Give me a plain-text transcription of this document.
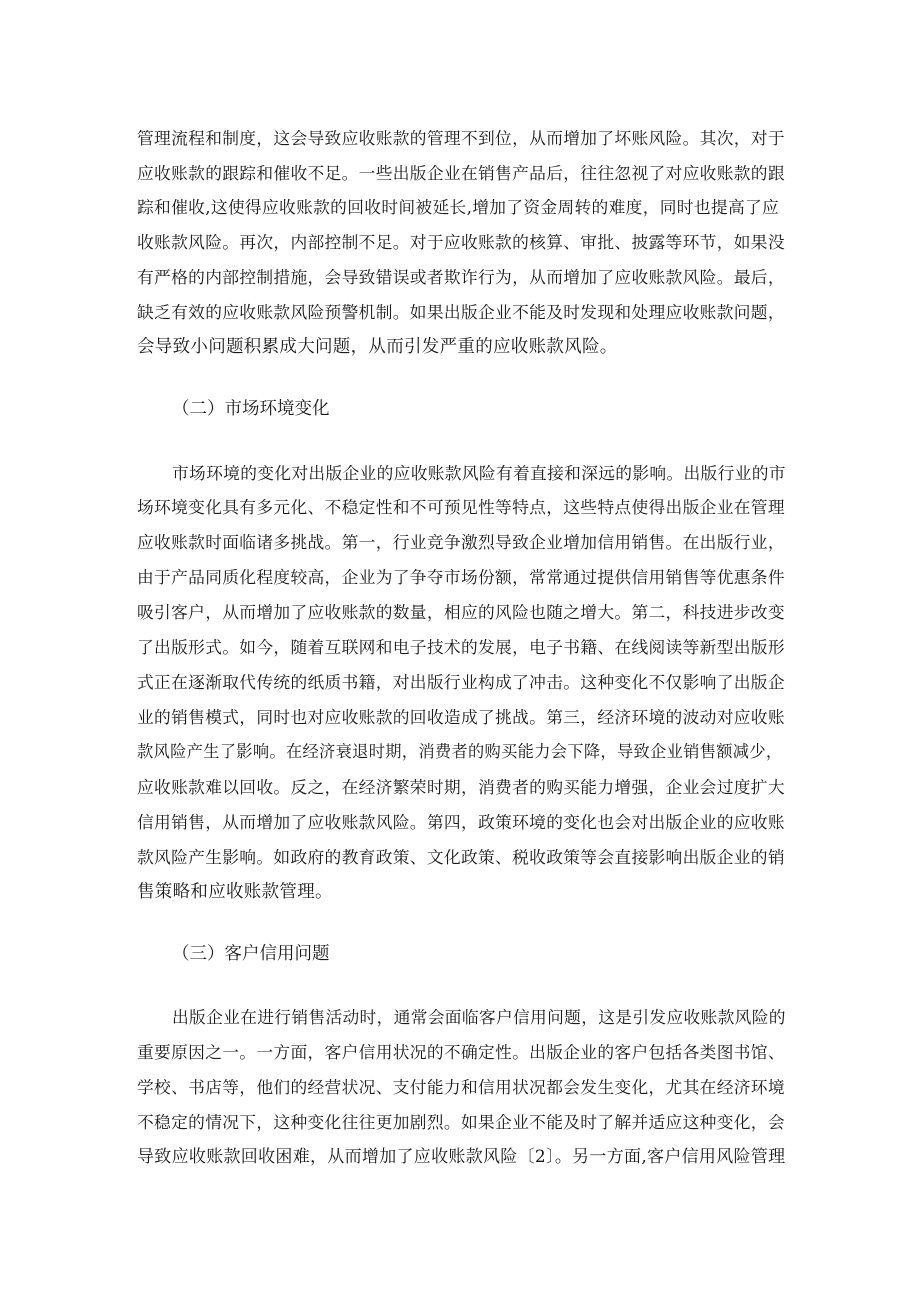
管理流程和制度，这会导致应收账款的管理不到位，从而增加了坏账风险。其次，对于
应收账款的跟踪和催收不足。一些出版企业在销售产品后，往往忽视了对应收账款的跟
踪和催收,这使得应收账款的回收时间被延长,增加了资金周转的难度，同时也提高了应
收账款风险。再次，内部控制不足。对于应收账款的核算、审批、披露等环节，如果没
有严格的内部控制措施，会导致错误或者欺诈行为，从而增加了应收账款风险。最后，
缺乏有效的应收账款风险预警机制。如果出版企业不能及时发现和处理应收账款问题，
会导致小问题积累成大问题，从而引发严重的应收账款风险。
（二）市场环境变化
市场环境的变化对出版企业的应收账款风险有着直接和深远的影响。出版行业的市
场环境变化具有多元化、不稳定性和不可预见性等特点，这些特点使得出版企业在管理
应收账款时面临诸多挑战。第一，行业竞争激烈导致企业增加信用销售。在出版行业，
由于产品同质化程度较高，企业为了争夺市场份额，常常通过提供信用销售等优惠条件
吸引客户，从而增加了应收账款的数量，相应的风险也随之增大。第二，科技进步改变
了出版形式。如今，随着互联网和电子技术的发展，电子书籍、在线阅读等新型出版形
式正在逐渐取代传统的纸质书籍，对出版行业构成了冲击。这种变化不仅影响了出版企
业的销售模式，同时也对应收账款的回收造成了挑战。第三，经济环境的波动对应收账
款风险产生了影响。在经济衰退时期，消费者的购买能力会下降，导致企业销售额减少，
应收账款难以回收。反之，在经济繁荣时期，消费者的购买能力增强，企业会过度扩大
信用销售，从而增加了应收账款风险。第四，政策环境的变化也会对出版企业的应收账
款风险产生影响。如政府的教育政策、文化政策、税收政策等会直接影响出版企业的销
售策略和应收账款管理。
（三）客户信用问题
出版企业在进行销售活动时，通常会面临客户信用问题，这是引发应收账款风险的
重要原因之一。一方面，客户信用状况的不确定性。出版企业的客户包括各类图书馆、
学校、书店等，他们的经营状况、支付能力和信用状况都会发生变化，尤其在经济环境
不稳定的情况下，这种变化往往更加剧烈。如果企业不能及时了解并适应这种变化，会
导致应收账款回收困难，从而增加了应收账款风险〔2〕。另一方面,客户信用风险管理
